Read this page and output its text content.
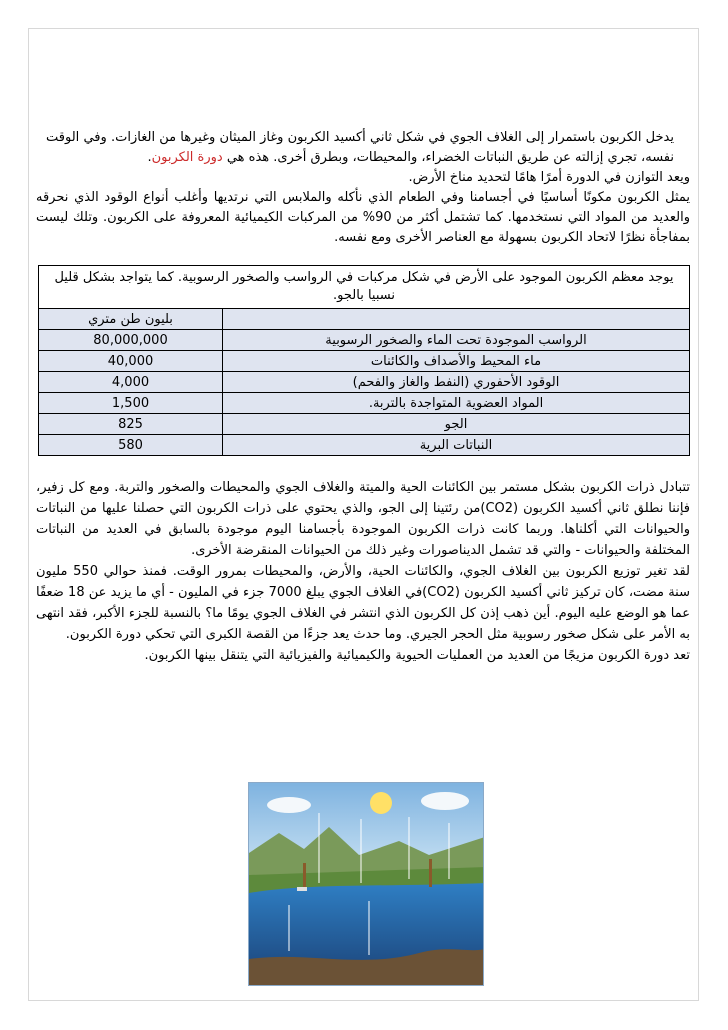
يدخل الكربون باستمرار إلى الغلاف الجوي في شكل ثاني أكسيد الكربون وغاز الميثان وغيرها من الغازات. وفي الوقت نفسه، تجري إزالته عن طريق النباتات الخضراء، والمحيطات، وبطرق أخرى. هذه هي دورة الكربون.

ويعد التوازن في الدورة أمرًا هامًا لتحديد مناخ الأرض.

يمثل الكربون مكونًا أساسيًا في أجسامنا وفي الطعام الذي نأكله والملابس التي نرتديها وأغلب أنواع الوقود الذي نحرقه والعديد من المواد التي نستخدمها. كما تشتمل أكثر من 90% من المركبات الكيميائية المعروفة على الكربون. وتلك ليست بمفاجأة نظرًا لاتحاد الكربون بسهولة مع العناصر الأخرى ومع نفسه.

يوجد معظم الكربون الموجود على الأرض في شكل مركبات في الرواسب والصخور الرسوبية. كما يتواجد بشكل قليل نسبيا بالجو.	
	بليون طن متري
الرواسب الموجودة تحت الماء والصخور الرسوبية	80,000,000
ماء المحيط والأصداف والكائنات	40,000
الوقود الأحفوري (النفط والغاز والفحم)	4,000
المواد العضوية المتواجدة بالتربة.	1,500
الجو	825
النباتات البرية	580

تتبادل ذرات الكربون بشكل مستمر بين الكائنات الحية والميتة والغلاف الجوي والمحيطات والصخور والتربة. ومع كل زفير، فإننا نطلق ثاني أكسيد الكربون (CO2)من رئتينا إلى الجو، والذي يحتوي على ذرات الكربون التي حصلنا عليها من النباتات والحيوانات التي أكلناها. وربما كانت ذرات الكربون الموجودة بأجسامنا اليوم موجودة بالسابق في العديد من النباتات المختلفة والحيوانات - والتي قد تشمل الديناصورات وغير ذلك من الحيوانات المنقرضة الأخرى.

لقد تغير توزيع الكربون بين الغلاف الجوي، والكائنات الحية، والأرض، والمحيطات بمرور الوقت. فمنذ حوالي 550 مليون سنة مضت، كان تركيز ثاني أكسيد الكربون (CO2)في الغلاف الجوي يبلغ 7000 جزء في المليون - أي ما يزيد عن 18 ضعفًا عما هو الوضع عليه اليوم. أين ذهب إذن كل الكربون الذي انتشر في الغلاف الجوي يومًا ما؟ بالنسبة للجزء الأكبر، فقد انتهى به الأمر على شكل صخور رسوبية مثل الحجر الجيري. وما حدث يعد جزءًا من القصة الكبرى التي تحكي دورة الكربون.

تعد دورة الكربون مزيجًا من العديد من العمليات الحيوية والكيميائية والفيزيائية التي يتنقل بينها الكربون.
